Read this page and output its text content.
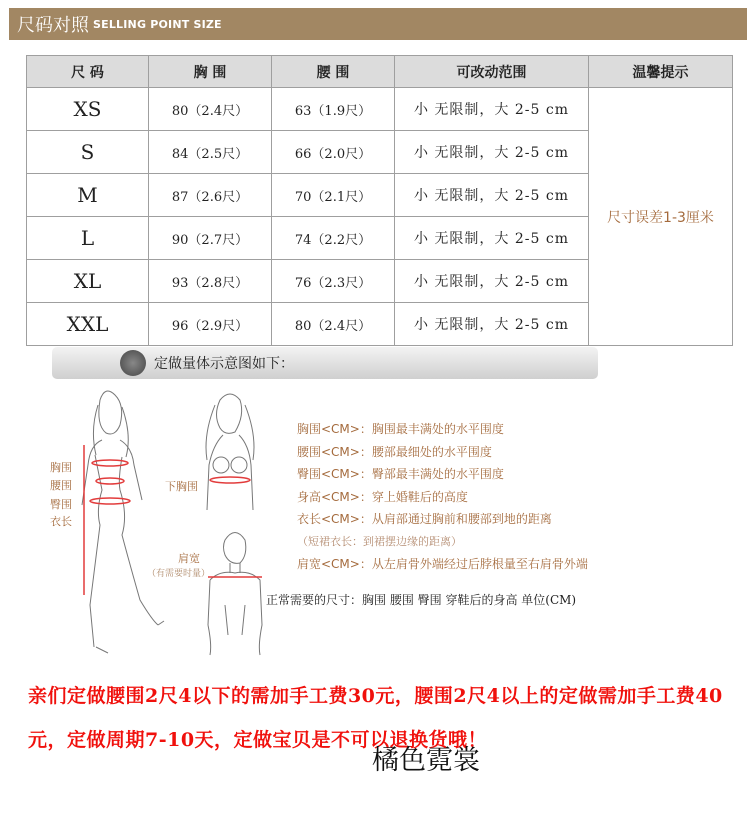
尺码对照 SELLING POINT SIZE
尺 码	胸 围	腰 围	可改动范围	温馨提示
XS	80（2.4尺）	63（1.9尺）	小 无限制，大 2-5 cm	尺寸误差1-3厘米
S	84（2.5尺）	66（2.0尺）	小 无限制，大 2-5 cm	
M	87（2.6尺）	70（2.1尺）	小 无限制，大 2-5 cm	
L	90（2.7尺）	74（2.2尺）	小 无限制，大 2-5 cm	
XL	93（2.8尺）	76（2.3尺）	小 无限制，大 2-5 cm	
XXL	96（2.9尺）	80（2.4尺）	小 无限制，大 2-5 cm	
定做量体示意图如下：
胸围
腰围
臀围
衣长
下胸围
肩宽
（有需要时量）
胸围<CM>：胸围最丰满处的水平围度
腰围<CM>：腰部最细处的水平围度
臀围<CM>：臀部最丰满处的水平围度
身高<CM>：穿上婚鞋后的高度
衣长<CM>：从肩部通过胸前和腰部到地的距离
（短裙衣长：到裙摆边缘的距离）
肩宽<CM>：从左肩骨外端经过后脖根量至右肩骨外端
正常需要的尺寸：胸围 腰围 臀围 穿鞋后的身高 单位(CM)
亲们定做腰围2尺4以下的需加手工费30元，腰围2尺4以上的定做需加手工费40元，定做周期7-10天，定做宝贝是不可以退换货哦！
橘色霓裳
